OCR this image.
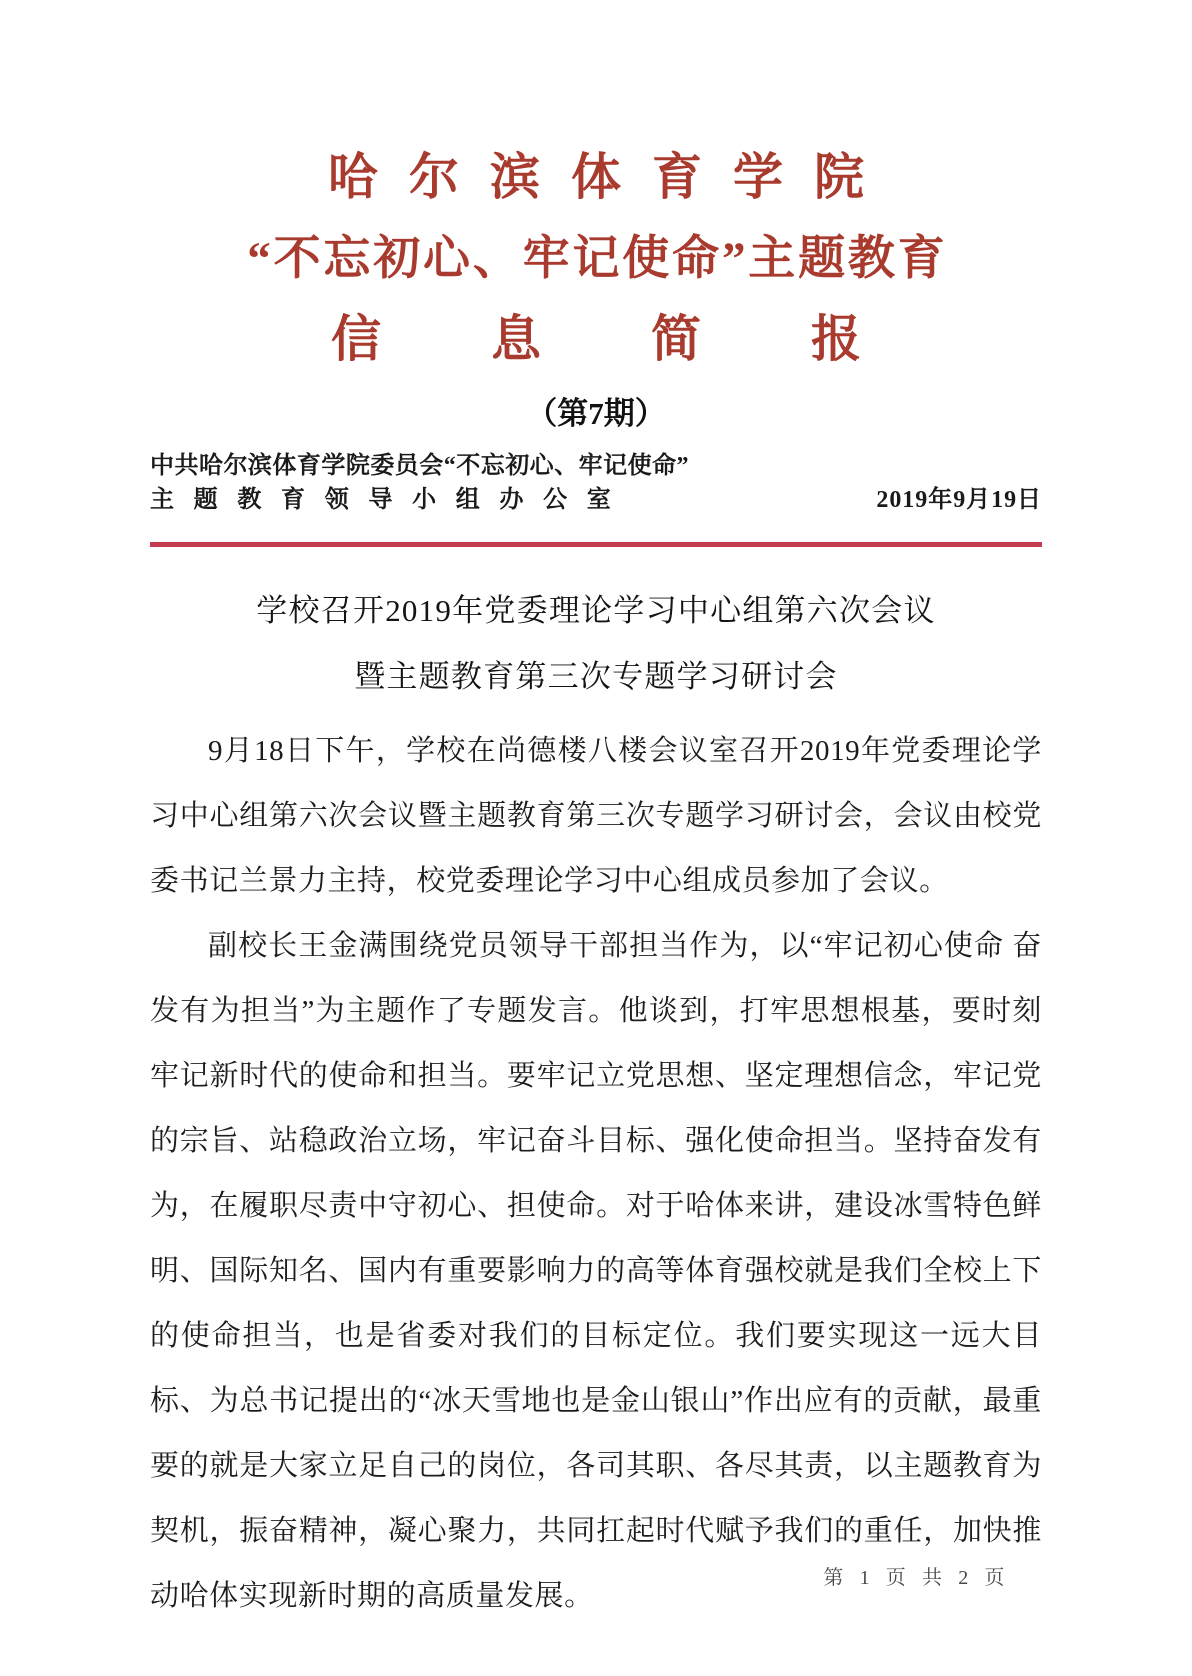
哈尔滨体育学院
“不忘初心、牢记使命”主题教育
信息简报
（第7期）
中共哈尔滨体育学院委员会“不忘初心、牢记使命”
主题教育领导小组办公室	2019年9月19日
学校召开2019年党委理论学习中心组第六次会议
暨主题教育第三次专题学习研讨会

9月18日下午，学校在尚德楼八楼会议室召开2019年党委理论学习中心组第六次会议暨主题教育第三次专题学习研讨会，会议由校党委书记兰景力主持，校党委理论学习中心组成员参加了会议。

副校长王金满围绕党员领导干部担当作为，以“牢记初心使命 奋发有为担当”为主题作了专题发言。他谈到，打牢思想根基，要时刻牢记新时代的使命和担当。要牢记立党思想、坚定理想信念，牢记党的宗旨、站稳政治立场，牢记奋斗目标、强化使命担当。坚持奋发有为，在履职尽责中守初心、担使命。对于哈体来讲，建设冰雪特色鲜明、国际知名、国内有重要影响力的高等体育强校就是我们全校上下的使命担当，也是省委对我们的目标定位。我们要实现这一远大目标、为总书记提出的“冰天雪地也是金山银山”作出应有的贡献，最重要的就是大家立足自己的岗位，各司其职、各尽其责，以主题教育为契机，振奋精神，凝心聚力，共同扛起时代赋予我们的重任，加快推动哈体实现新时期的高质量发展。

第 1 页 共 2 页
